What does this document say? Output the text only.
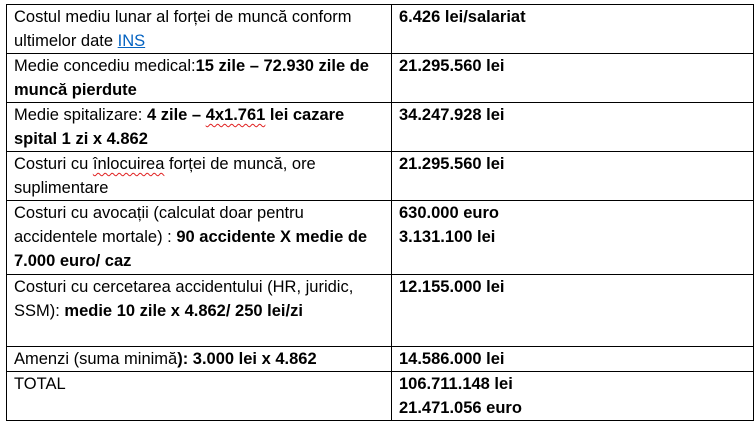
Costul mediu lunar al forței de muncă conform ultimelor date INS	6.426 lei/salariat

Medie concediu medical:15 zile – 72.930 zile de muncă pierdute	21.295.560 lei

Medie spitalizare: 4 zile – 4x1.761 lei cazare spital 1 zi x 4.862	34.247.928 lei

Costuri cu înlocuirea forței de muncă, ore suplimentare	21.295.560 lei

Costuri cu avocații (calculat doar pentru accidentele mortale) : 90 accidente X medie de 7.000 euro/ caz	630.000 euro
3.131.100 lei

Costuri cu cercetarea accidentului (HR, juridic, SSM): medie 10 zile x 4.862/ 250 lei/zi	12.155.000 lei

Amenzi (suma minimă): 3.000 lei x 4.862	14.586.000 lei

TOTAL	106.711.148 lei
21.471.056 euro
